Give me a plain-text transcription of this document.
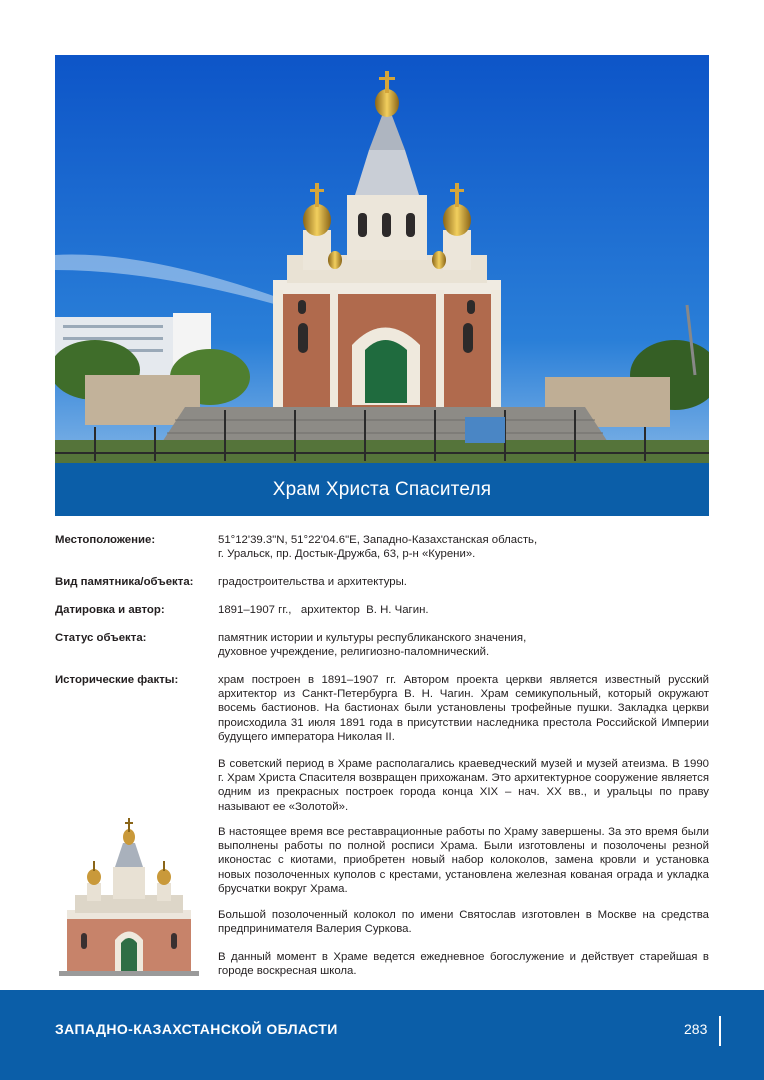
Храм Христа Спасителя
Местоположение:	51°12'39.3"N, 51°22'04.6"E, Западно-Казахстанская область,
г. Уральск, пр. Достык-Дружба, 63, р-н «Курени».
Вид памятника/объекта:	градостроительства и архитектуры.
Датировка и автор:	1891–1907 гг.,   архитектор  В. Н. Чагин.
Статус объекта:	памятник истории и культуры республиканского значения,
духовное учреждение, религиозно-паломнический.
Исторические факты:	храм построен в 1891–1907 гг. Автором проекта церкви является известный русский архитектор из Санкт-Петербурга В. Н. Чагин. Храм семикупольный, который окружают восемь бастионов. На бастионах были установлены трофейные пушки. Закладка церкви происходила 31 июля 1891 года в присутствии наследника престола Российской Империи будущего императора Николая II.
В советский период в Храме располагались краеведческий музей и музей атеизма. В 1990 г. Храм Христа Спасителя возвращен прихожанам. Это архитектурное сооружение является одним из прекрасных построек города конца XIX – нач. XX вв., и уральцы по праву называют ее «Золотой».
В настоящее время все реставрационные работы по Храму завершены. За это время были выполнены работы по полной росписи Храма. Были изготовлены и позолочены резной иконостас с киотами, приобретен новый набор колоколов, замена кровли и установка новых позолоченных куполов с крестами, установлена железная кованая ограда и укладка брусчатки вокруг Храма.
Большой позолоченный колокол по имени Святослав изготовлен в Москве на средства предпринимателя Валерия Суркова.
В данный момент в Храме ведется ежедневное богослужение и действует старейшая в городе воскресная школа.
ЗАПАДНО-КАЗАХСТАНСКОЙ ОБЛАСТИ	283
